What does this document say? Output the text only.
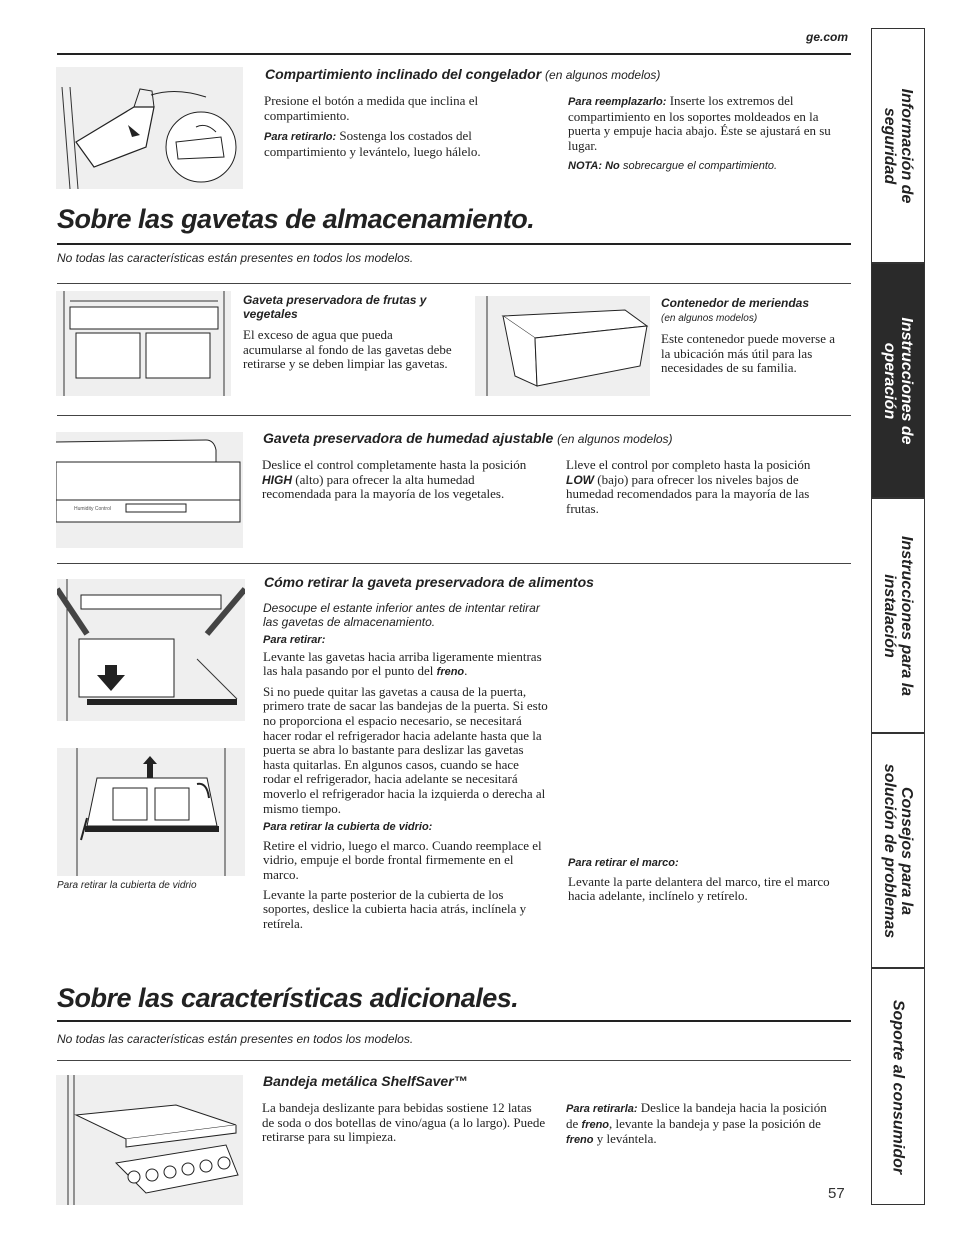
ge.com
Información de
seguridad
Instrucciones de
operación
Instrucciones para la
instalación
Consejos para la
solución de problemas
Soporte al consumidor
Compartimiento inclinado del congelador (en algunos modelos)
Presione el botón a medida que inclina el compartimiento.
Para retirarlo: Sostenga los costados del compartimiento y levántelo, luego hálelo.
Para reemplazarlo: Inserte los extremos del compartimiento en los soportes moldeados en la puerta y empuje hacia abajo. Éste se ajustará en su lugar.
NOTA: No sobrecargue el compartimiento.
Sobre las gavetas de almacenamiento.
No todas las características están presentes en todos los modelos.
Gaveta preservadora de frutas y vegetales
El exceso de agua que pueda acumularse al fondo de las gavetas debe retirarse y se deben limpiar las gavetas.
Contenedor de meriendas
(en algunos modelos)
Este contenedor puede moverse a la ubicación más útil para las necesidades de su familia.
Humidity Control
Gaveta preservadora de humedad ajustable (en algunos modelos)
Deslice el control completamente hasta la posición HIGH (alto) para ofrecer la alta humedad recomendada para la mayoría de los vegetales.
Lleve el control por completo hasta la posición LOW (bajo) para ofrecer los niveles bajos de humedad recomendados para la mayoría de las frutas.
Para retirar la cubierta de vidrio
Cómo retirar la gaveta preservadora de alimentos
Desocupe el estante inferior antes de intentar retirar las gavetas de almacenamiento.
Para retirar:
Levante las gavetas hacia arriba ligeramente mientras las hala pasando por el punto del freno.
Si no puede quitar las gavetas a causa de la puerta, primero trate de sacar las bandejas de la puerta. Si esto no proporciona el espacio necesario, se necesitará hacer rodar el refrigerador hacia adelante hasta que la puerta se abra lo bastante para deslizar las gavetas hasta quitarlas. En algunos casos, cuando se hace rodar el refrigerador, hacia adelante se necesitará moverlo el refrigerador hacia la izquierda o derecha al mismo tiempo.
Para retirar la cubierta de vidrio:
Retire el vidrio, luego el marco. Cuando reemplace el vidrio, empuje el borde frontal firmemente en el marco.
Levante la parte posterior de la cubierta de los soportes, deslice la cubierta hacia atrás, inclínela y retírela.
Para retirar el marco:
Levante la parte delantera del marco, tire el marco hacia adelante, inclínelo y retírelo.
Sobre las características adicionales.
No todas las características están presentes en todos los modelos.
Bandeja metálica ShelfSaver™
La bandeja deslizante para bebidas sostiene 12 latas de soda o dos botellas de vino/agua (a lo largo). Puede retirarse para su limpieza.
Para retirarla: Deslice la bandeja hacia la posición de freno, levante la bandeja y pase la posición de freno y levántela.
57
